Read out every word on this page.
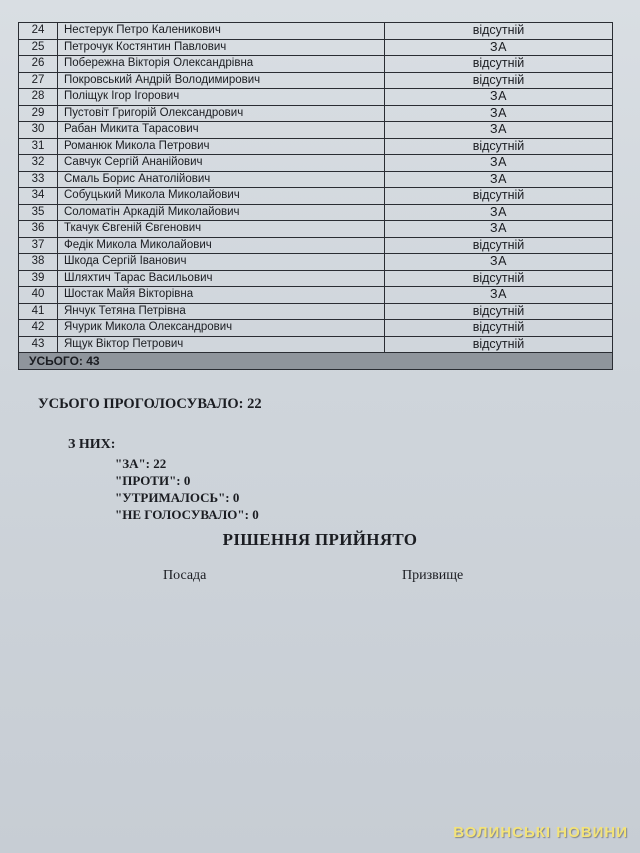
24	Нестерук Петро Каленикович	відсутній
25	Петрочук Костянтин Павлович	ЗА
26	Побережна Вікторія Олександрівна	відсутній
27	Покровський Андрій Володимирович	відсутній
28	Поліщук Ігор Ігорович	ЗА
29	Пустовіт Григорій Олександрович	ЗА
30	Рабан Микита Тарасович	ЗА
31	Романюк Микола Петрович	відсутній
32	Савчук Сергій Ананійович	ЗА
33	Смаль Борис Анатолійович	ЗА
34	Собуцький Микола Миколайович	відсутній
35	Соломатін Аркадій Миколайович	ЗА
36	Ткачук Євгеній Євгенович	ЗА
37	Федік Микола Миколайович	відсутній
38	Шкода Сергій Іванович	ЗА
39	Шляхтич Тарас Васильович	відсутній
40	Шостак Майя Вікторівна	ЗА
41	Янчук Тетяна Петрівна	відсутній
42	Ячурик Микола Олександрович	відсутній
43	Ящук Віктор Петрович	відсутній
УСЬОГО: 43		
УСЬОГО ПРОГОЛОСУВАЛО: 22
З НИХ:
"ЗА": 22
"ПРОТИ": 0
"УТРИМАЛОСЬ": 0
"НЕ ГОЛОСУВАЛО": 0
РІШЕННЯ ПРИЙНЯТО
Посада	Призвище
ВОЛИНСЬКІ НОВИНИ
